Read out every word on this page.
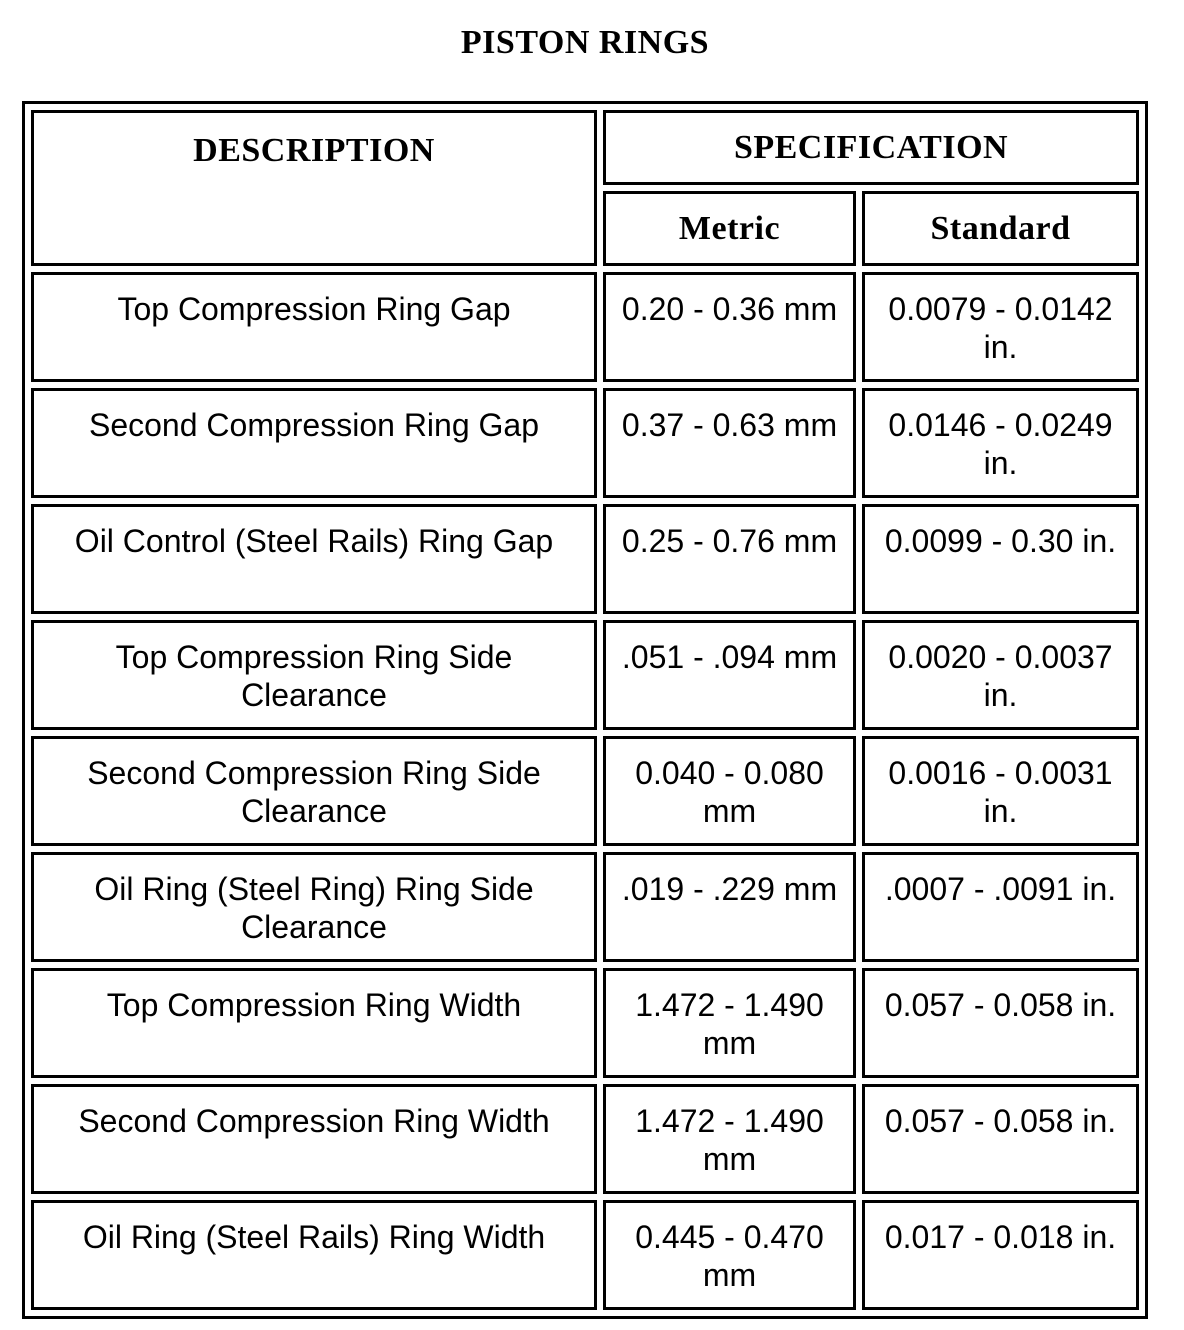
PISTON RINGS
DESCRIPTION	SPECIFICATION	
	Metric	Standard
Top Compression Ring Gap	0.20 - 0.36 mm	0.0079 - 0.0142 in.
Second Compression Ring Gap	0.37 - 0.63 mm	0.0146 - 0.0249 in.
Oil Control (Steel Rails) Ring Gap	0.25 - 0.76 mm	0.0099 - 0.30 in.
Top Compression Ring Side Clearance	.051 - .094 mm	0.0020 - 0.0037 in.
Second Compression Ring Side Clearance	0.040 - 0.080 mm	0.0016 - 0.0031 in.
Oil Ring (Steel Ring) Ring Side Clearance	.019 - .229 mm	.0007 - .0091 in.
Top Compression Ring Width	1.472 - 1.490 mm	0.057 - 0.058 in.
Second Compression Ring Width	1.472 - 1.490 mm	0.057 - 0.058 in.
Oil Ring (Steel Rails) Ring Width	0.445 - 0.470 mm	0.017 - 0.018 in.
